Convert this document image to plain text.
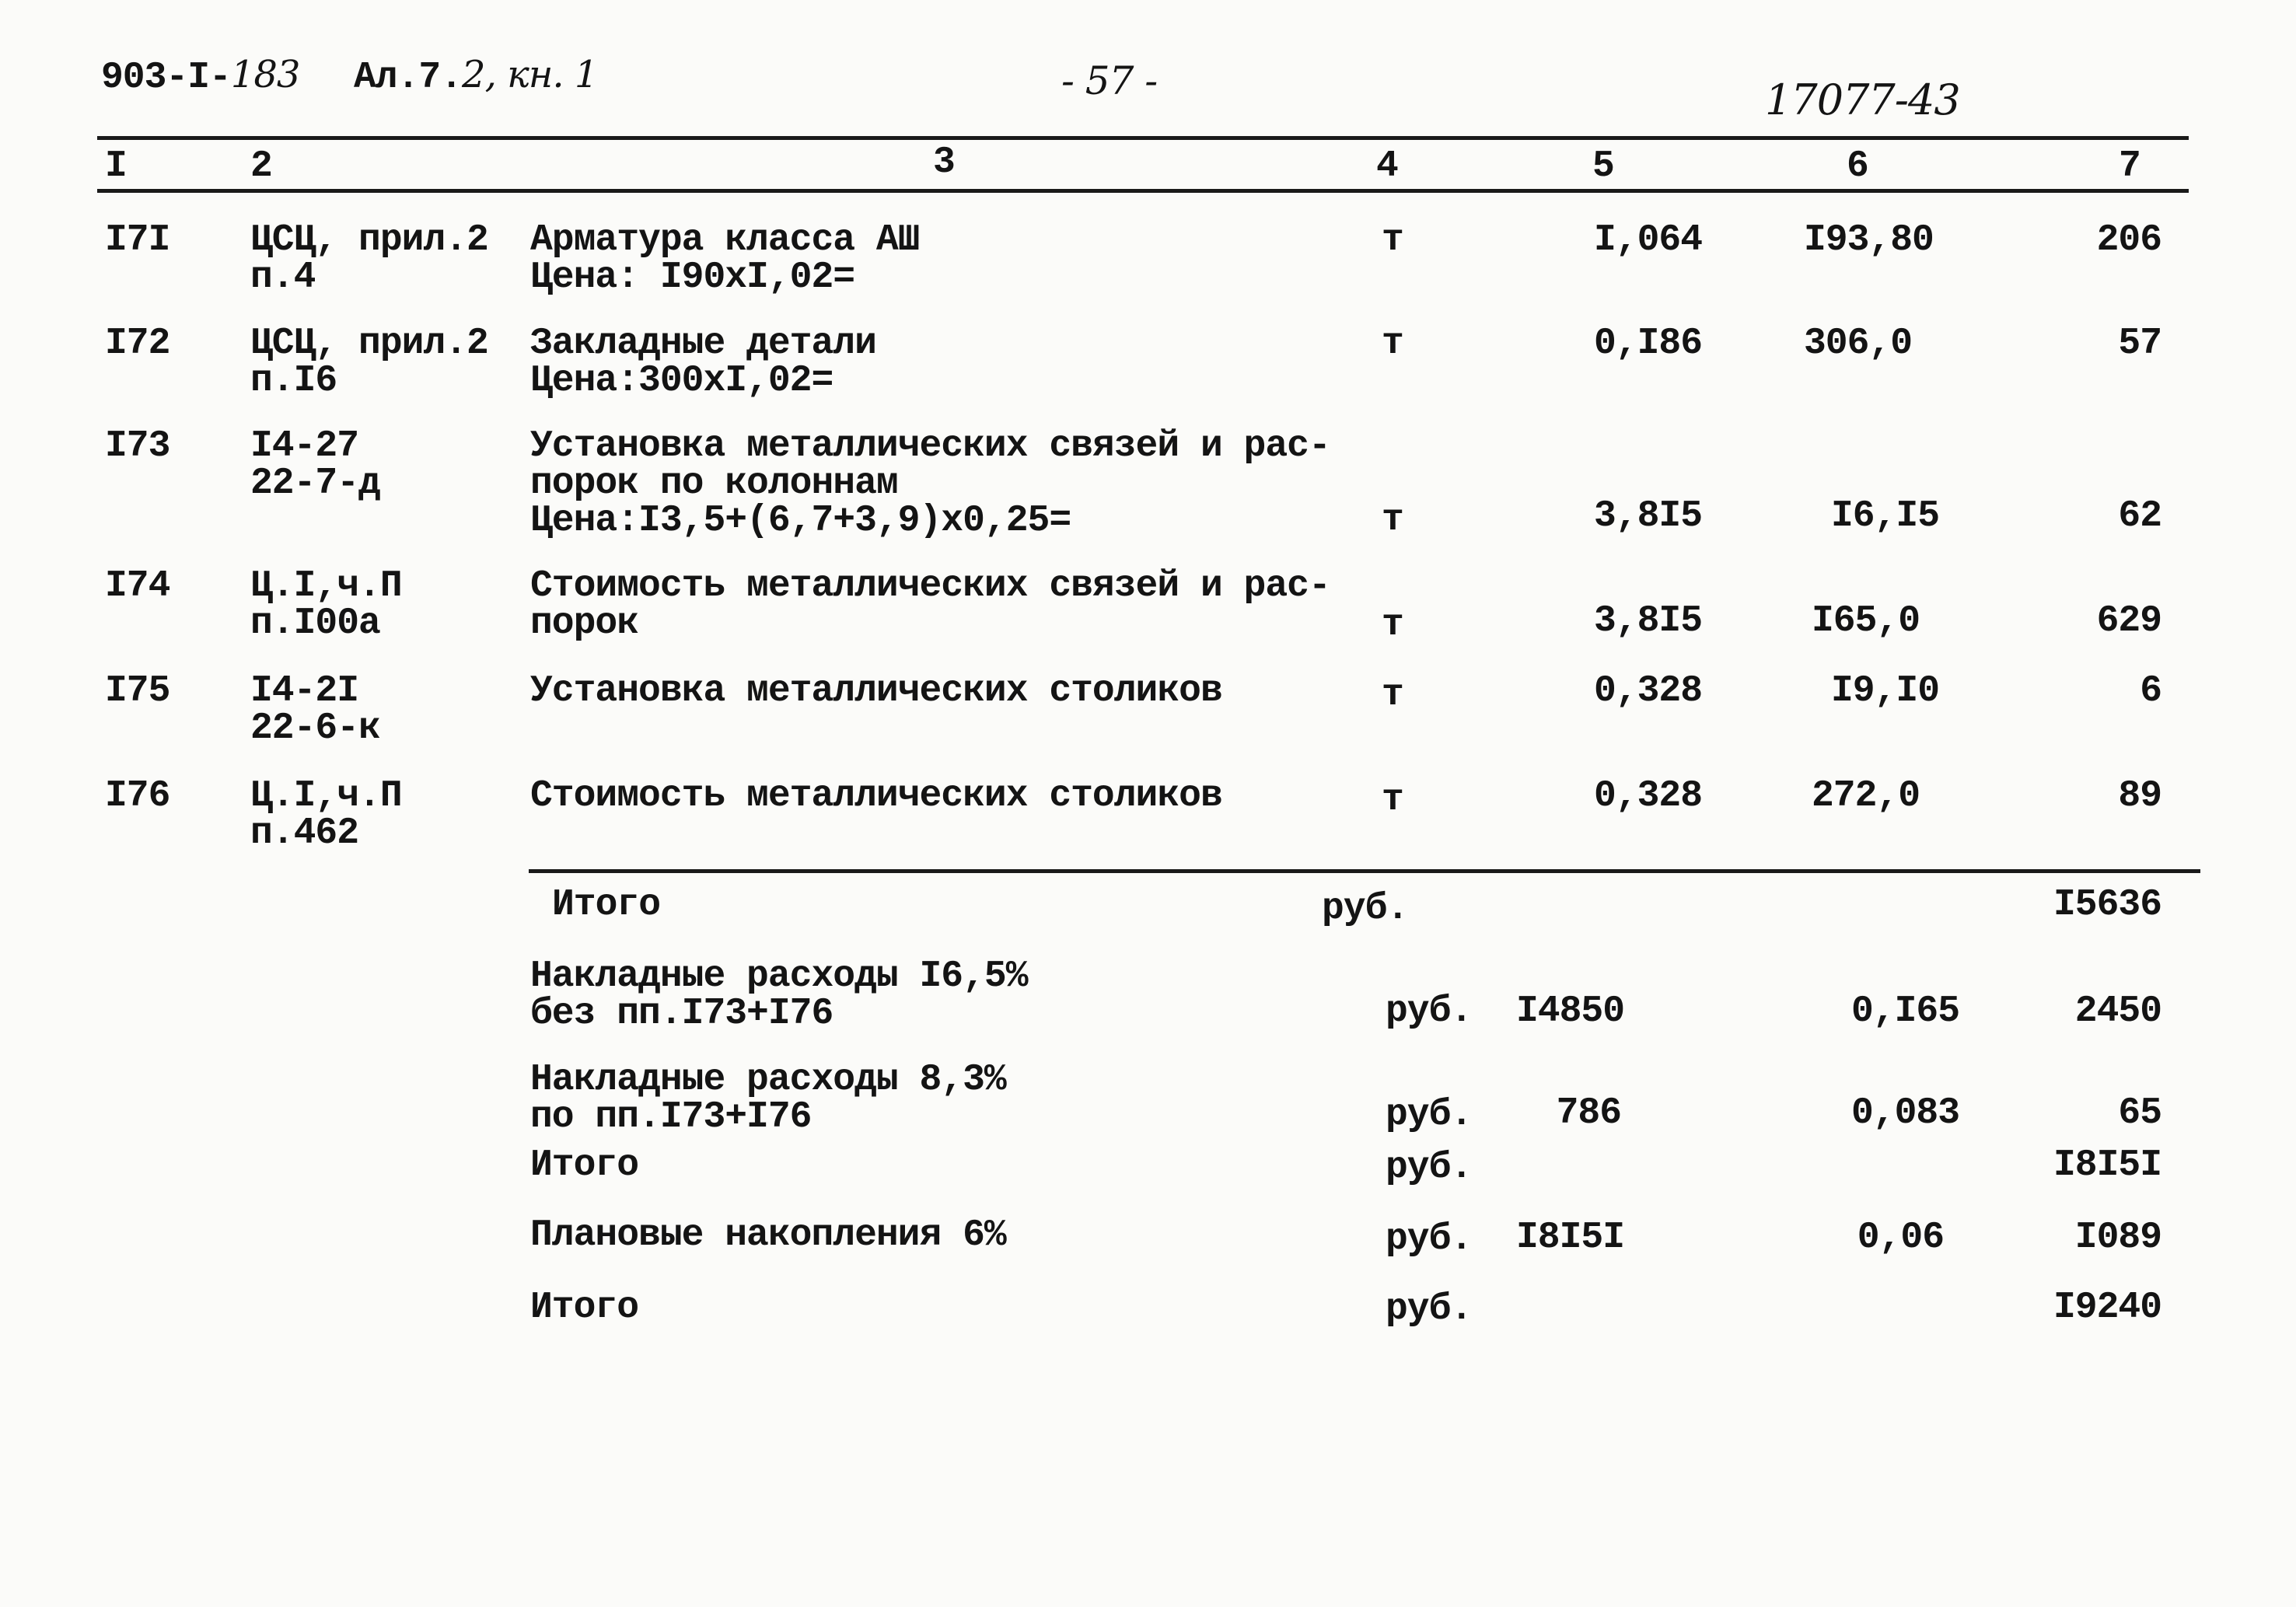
903-I-183 Ал.7.2, кн. 1	- 57 -	17077-43
I	2	3	4	5	6	7
I7I ЦСЦ, прил.2
п.4
Арматура класса АШ
Цена: I90xI,02=
т	I,064	I93,80	206
I72 ЦСЦ, прил.2
п.I6
Закладные детали
Цена:300xI,02=
т	0,I86	306,0	57
I73 I4-27
22-7-д
Установка металлических связей и рас-
порок по колоннам
Цена:I3,5+(6,7+3,9)x0,25=	т	3,8I5	I6,I5	62
I74 Ц.I,ч.П
п.I00а
Стоимость металлических связей и рас-
порок	т	3,8I5	I65,0	629
I75 I4-2I
22-6-к
Установка металлических столиков	т	0,328	I9,I0	6
I76 Ц.I,ч.П
п.462
Стоимость металлических столиков	т	0,328	272,0	89
Итого	руб.	I5636
Накладные расходы I6,5%
без пп.I73+I76	руб. I4850	0,I65	2450
Накладные расходы 8,3%
по пп.I73+I76	руб.	786	0,083	65
Итого	руб.	I8I5I
Плановые накопления 6%	руб. I8I5I	0,06	I089
Итого	руб.	I9240
